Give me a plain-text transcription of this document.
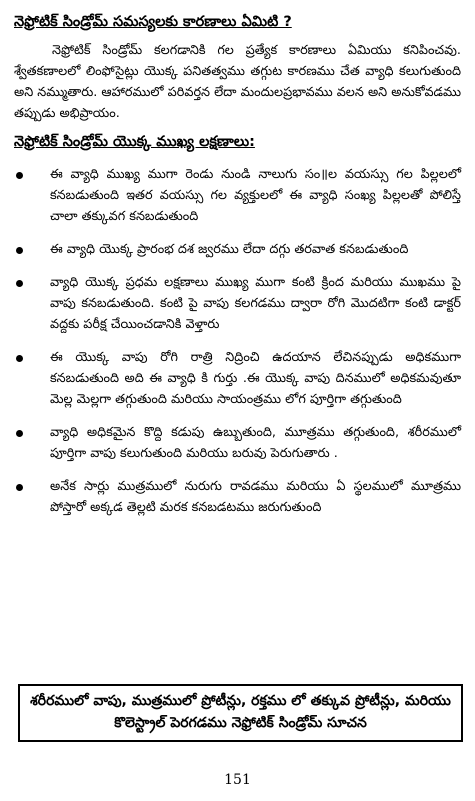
నెఫ్రోటిక్ సిండ్రోమ్ సమస్యలకు కారణాలు ఏమిటి ?

నెఫ్రోటిక్ సిండ్రోమ్ కలగడానికి గల ప్రత్యేక కారణాలు ఏమియు కనిపించవు. శ్వేతకణాలలో లింఫోసైట్లు యొక్క పనితత్వము తగ్గుట కారణము చేత వ్యాధి కలుగుతుంది అని నమ్ముతారు. ఆహారములో పరివర్తన లేదా మందులప్రభావము వలన అని అనుకోవడము తప్పుడు అభిప్రాయం.

నెఫ్రోటిక్ సిండ్రోమ్ యొక్క ముఖ్య లక్షణాలు:
ఈ వ్యాధి ముఖ్య ముగా రెండు నుండి నాలుగు సం॥ల వయస్సు గల పిల్లలలో కనబడుతుంది ఇతర వయస్సు గల వ్యక్తులలో ఈ వ్యాధి సంఖ్య పిల్లలతో పోలిస్తే చాలా తక్కువగ కనబడుతుంది
ఈ వ్యాధి యొక్క ప్రారంభ దశ జ్వరము లేదా దగ్గు తరవాత కనబడుతుంది
వ్యాధి యొక్క ప్రధమ లక్షణాలు ముఖ్య ముగా కంటి క్రింద మరియు ముఖము పై వాపు కనబడుతుంది. కంటి పై వాపు కలగడము ద్వారా రోగి మొదటిగా కంటి డాక్టర్ వద్దకు పరీక్ష చేయించడానికి వెళ్తారు
ఈ యొక్క వాపు రోగి రాత్రి నిద్రించి ఉదయాన లేచినప్పుడు అధికముగా కనబడుతుంది అది ఈ వ్యాధి కి గుర్తు .ఈ యొక్క వాపు దినములో అధికమవుతూ మెల్ల మెల్లగా తగ్గుతుంది మరియు సాయంత్రము లోగ పూర్తిగా తగ్గుతుంది
వ్యాధి అధికమైన కొద్ది కడుపు ఉబ్బుతుంది, మూత్రము తగ్గుతుంది, శరీరములో పూర్తిగా వాపు కలుగుతుంది మరియు బరువు పెరుగుతారు .
అనేక సార్లు ముత్రములో నురుగు రావడము మరియు ఏ స్థలములో మూత్రము పోస్తారో అక్కడ తెల్లటి మరక కనబడటము జరుగుతుంది
శరీరములో వాపు, ముత్రములో ప్రోటీన్లు, రక్తము లో తక్కువ ప్రోటీన్లు, మరియు కొలెస్ట్రాల్ పెరగడము నెఫ్రోటిక్ సిండ్రోమ్ సూచన
151
